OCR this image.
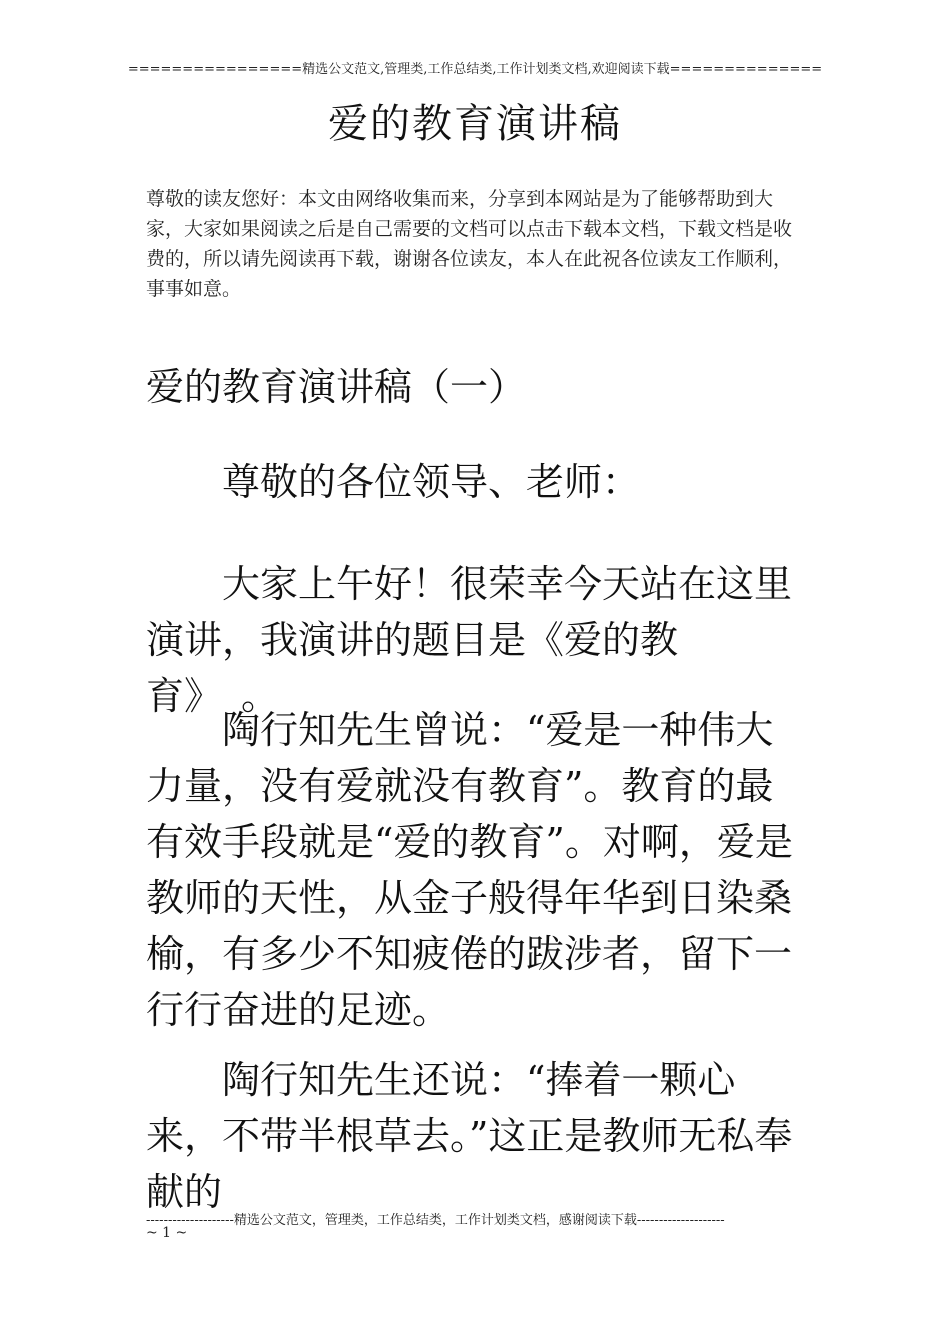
================精选公文范文,管理类,工作总结类,工作计划类文档,欢迎阅读下载==============
爱的教育演讲稿
尊敬的读友您好：本文由网络收集而来，分享到本网站是为了能够帮助到大家，大家如果阅读之后是自己需要的文档可以点击下载本文档，下载文档是收费的，所以请先阅读再下载，谢谢各位读友，本人在此祝各位读友工作顺利，事事如意。
爱的教育演讲稿（一）
尊敬的各位领导、老师：
大家上午好！很荣幸今天站在这里演讲，我演讲的题目是《爱的教育》　。
陶行知先生曾说：“爱是一种伟大力量，没有爱就没有教育”。教育的最有效手段就是“爱的教育”。对啊，爱是教师的天性，从金子般得年华到日染桑榆，有多少不知疲倦的跋涉者，留下一行行奋进的足迹。
陶行知先生还说：“捧着一颗心来，不带半根草去。”这正是教师无私奉献的
--------------------精选公文范文，管理类，工作总结类，工作计划类文档，感谢阅读下载--------------------
~ 1 ~
